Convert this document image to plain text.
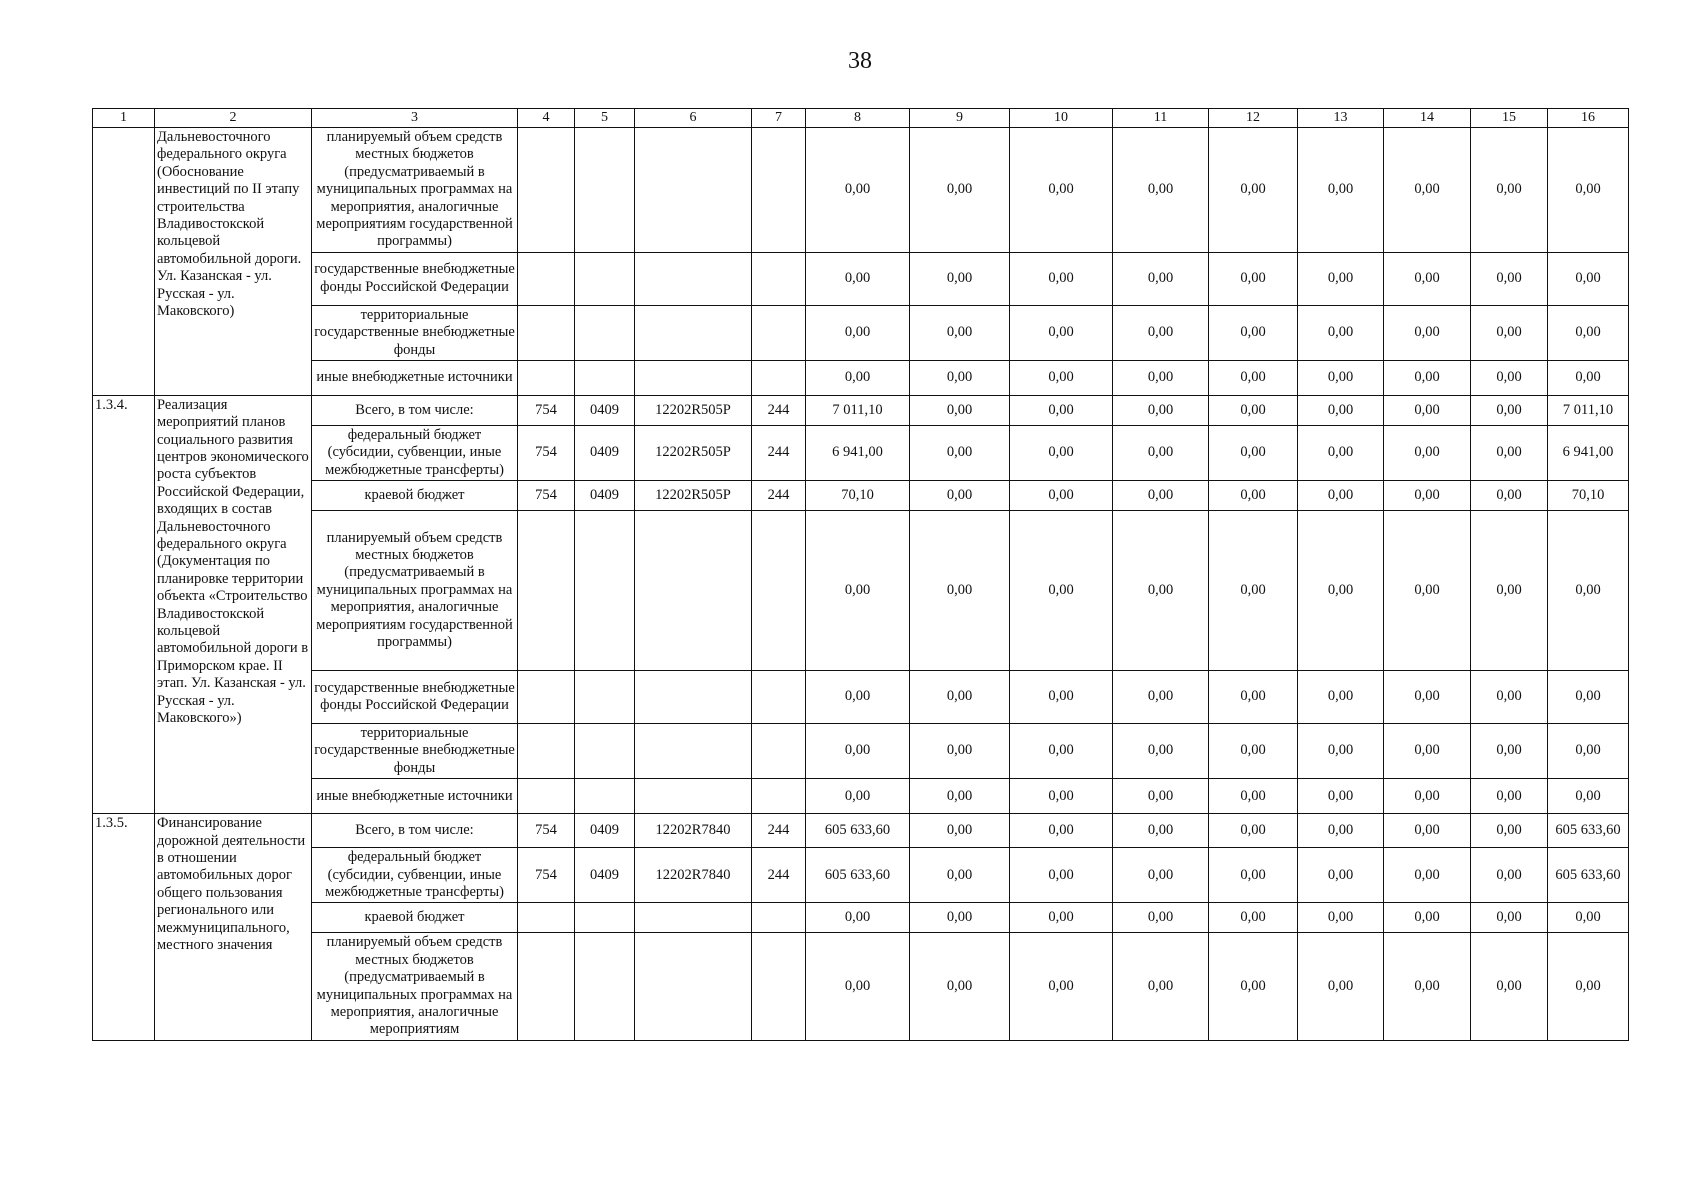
38
1	2	3	4	5	6	7	8	9	10	11	12	13	14	15	16
	Дальневосточного федерального округа (Обоснование инвестиций по II этапу строительства Владивостокской кольцевой автомобильной дороги. Ул. Казанская - ул. Русская - ул. Маковского)	планируемый объем средств местных бюджетов (предусматриваемый в муниципальных программах на мероприятия, аналогичные мероприятиям государственной программы)					0,00	0,00	0,00	0,00	0,00	0,00	0,00	0,00	0,00
		государственные внебюджетные фонды Российской Федерации					0,00	0,00	0,00	0,00	0,00	0,00	0,00	0,00	0,00
		территориальные государственные внебюджетные фонды					0,00	0,00	0,00	0,00	0,00	0,00	0,00	0,00	0,00
		иные внебюджетные источники					0,00	0,00	0,00	0,00	0,00	0,00	0,00	0,00	0,00
1.3.4.	Реализация мероприятий планов социального развития центров экономического роста субъектов Российской Федерации, входящих в состав Дальневосточного федерального округа (Документация по планировке территории объекта «Строительство Владивостокской кольцевой автомобильной дороги в Приморском крае. II этап. Ул. Казанская - ул. Русская - ул. Маковского»)	Всего, в том числе:	754	0409	12202R505P	244	7 011,10	0,00	0,00	0,00	0,00	0,00	0,00	0,00	7 011,10
		федеральный бюджет (субсидии, субвенции, иные межбюджетные трансферты)	754	0409	12202R505P	244	6 941,00	0,00	0,00	0,00	0,00	0,00	0,00	0,00	6 941,00
		краевой бюджет	754	0409	12202R505P	244	70,10	0,00	0,00	0,00	0,00	0,00	0,00	0,00	70,10
		планируемый объем средств местных бюджетов (предусматриваемый в муниципальных программах на мероприятия, аналогичные мероприятиям государственной программы)					0,00	0,00	0,00	0,00	0,00	0,00	0,00	0,00	0,00
		государственные внебюджетные фонды Российской Федерации					0,00	0,00	0,00	0,00	0,00	0,00	0,00	0,00	0,00
		территориальные государственные внебюджетные фонды					0,00	0,00	0,00	0,00	0,00	0,00	0,00	0,00	0,00
		иные внебюджетные источники					0,00	0,00	0,00	0,00	0,00	0,00	0,00	0,00	0,00
1.3.5.	Финансирование дорожной деятельности в отношении автомобильных дорог общего пользования регионального или межмуниципального, местного значения	Всего, в том числе:	754	0409	12202R7840	244	605 633,60	0,00	0,00	0,00	0,00	0,00	0,00	0,00	605 633,60
		федеральный бюджет (субсидии, субвенции, иные межбюджетные трансферты)	754	0409	12202R7840	244	605 633,60	0,00	0,00	0,00	0,00	0,00	0,00	0,00	605 633,60
		краевой бюджет					0,00	0,00	0,00	0,00	0,00	0,00	0,00	0,00	0,00
		планируемый объем средств местных бюджетов (предусматриваемый в муниципальных программах на мероприятия, аналогичные мероприятиям					0,00	0,00	0,00	0,00	0,00	0,00	0,00	0,00	0,00
